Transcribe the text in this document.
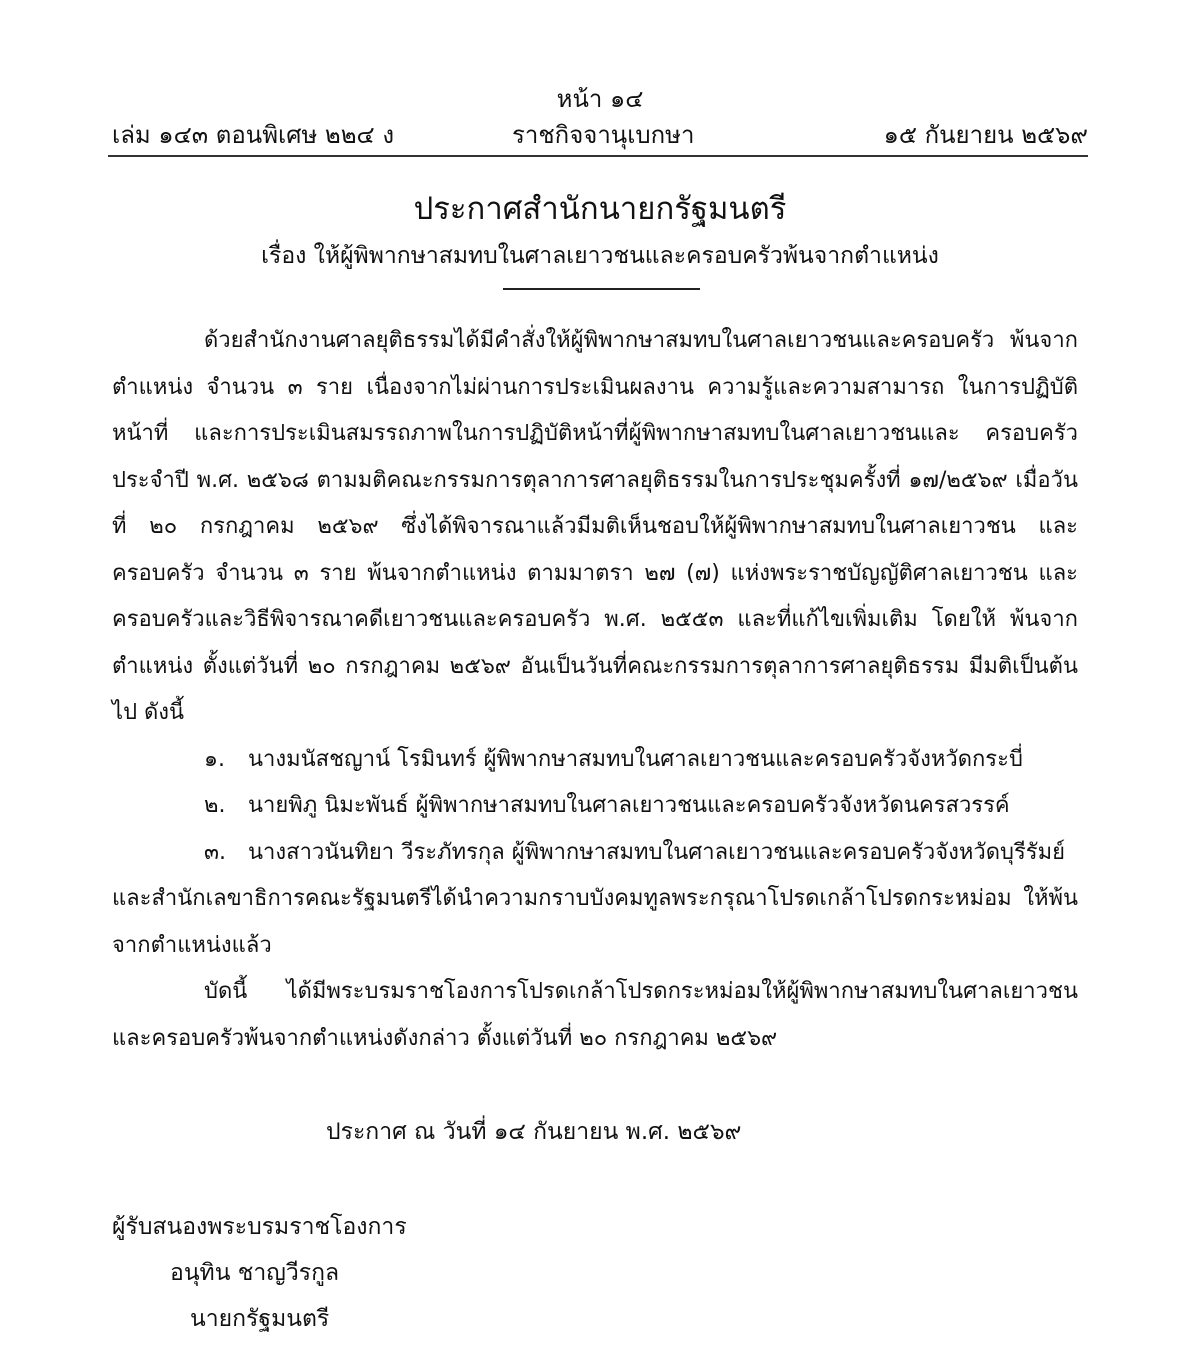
หน้า ๑๔
เล่ม ๑๔๓ ตอนพิเศษ ๒๒๔ ง	ราชกิจจานุเบกษา	๑๕ กันยายน ๒๕๖๙
ประกาศสำนักนายกรัฐมนตรี
เรื่อง ให้ผู้พิพากษาสมทบในศาลเยาวชนและครอบครัวพ้นจากตำแหน่ง

ด้วยสำนักงานศาลยุติธรรมได้มีคำสั่งให้ผู้พิพากษาสมทบในศาลเยาวชนและครอบครัว พ้นจากตำแหน่ง จำนวน ๓ ราย เนื่องจากไม่ผ่านการประเมินผลงาน ความรู้และความสามารถ ในการปฏิบัติหน้าที่ และการประเมินสมรรถภาพในการปฏิบัติหน้าที่ผู้พิพากษาสมทบในศาลเยาวชนและ ครอบครัว ประจำปี พ.ศ. ๒๕๖๘ ตามมติคณะกรรมการตุลาการศาลยุติธรรมในการประชุมครั้งที่ ๑๗/๒๕๖๙ เมื่อวันที่ ๒๐ กรกฎาคม ๒๕๖๙ ซึ่งได้พิจารณาแล้วมีมติเห็นชอบให้ผู้พิพากษาสมทบในศาลเยาวชน และครอบครัว จำนวน ๓ ราย พ้นจากตำแหน่ง ตามมาตรา ๒๗ (๗) แห่งพระราชบัญญัติศาลเยาวชน และครอบครัวและวิธีพิจารณาคดีเยาวชนและครอบครัว พ.ศ. ๒๕๕๓ และที่แก้ไขเพิ่มเติม โดยให้ พ้นจากตำแหน่ง ตั้งแต่วันที่ ๒๐ กรกฎาคม ๒๕๖๙ อันเป็นวันที่คณะกรรมการตุลาการศาลยุติธรรม มีมติเป็นต้นไป ดังนี้

๑. นางมนัสชญาน์ โรมินทร์ ผู้พิพากษาสมทบในศาลเยาวชนและครอบครัวจังหวัดกระบี่
๒. นายพิภู นิมะพันธ์ ผู้พิพากษาสมทบในศาลเยาวชนและครอบครัวจังหวัดนครสวรรค์
๓. นางสาวนันทิยา วีระภัทรกุล ผู้พิพากษาสมทบในศาลเยาวชนและครอบครัวจังหวัดบุรีรัมย์

และสำนักเลขาธิการคณะรัฐมนตรีได้นำความกราบบังคมทูลพระกรุณาโปรดเกล้าโปรดกระหม่อม ให้พ้นจากตำแหน่งแล้ว

บัดนี้ ได้มีพระบรมราชโองการโปรดเกล้าโปรดกระหม่อมให้ผู้พิพากษาสมทบในศาลเยาวชน และครอบครัวพ้นจากตำแหน่งดังกล่าว ตั้งแต่วันที่ ๒๐ กรกฎาคม ๒๕๖๙

ประกาศ ณ วันที่ ๑๔ กันยายน พ.ศ. ๒๕๖๙
ผู้รับสนองพระบรมราชโองการ
อนุทิน ชาญวีรกูล
นายกรัฐมนตรี
